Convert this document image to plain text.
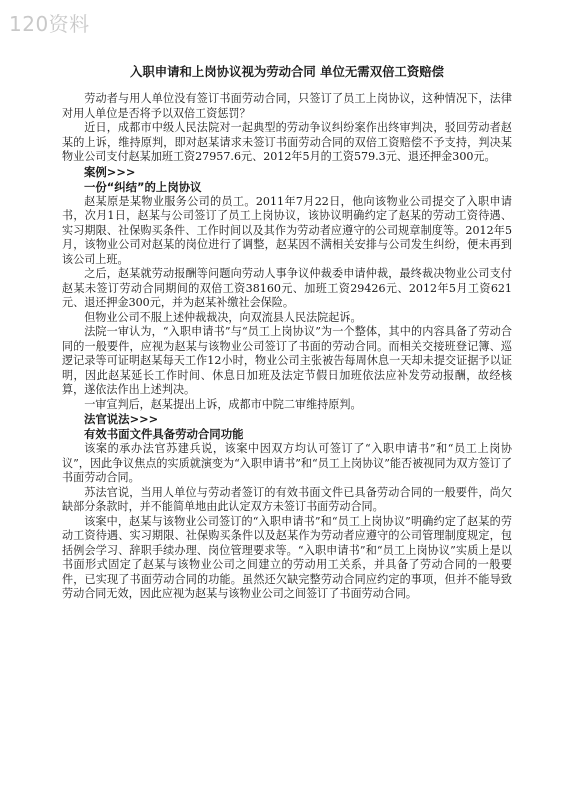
120资料
入职申请和上岗协议视为劳动合同 单位无需双倍工资赔偿

劳动者与用人单位没有签订书面劳动合同，只签订了员工上岗协议，这种情况下，法律对用人单位是否将予以双倍工资惩罚？

近日，成都市中级人民法院对一起典型的劳动争议纠纷案作出终审判决，驳回劳动者赵某的上诉，维持原判，即对赵某请求未签订书面劳动合同的双倍工资赔偿不予支持，判决某物业公司支付赵某加班工资27957.6元、2012年5月的工资579.3元、退还押金300元。

案例>>>
一份“纠结”的上岗协议

赵某原是某物业服务公司的员工。2011年7月22日，他向该物业公司提交了入职申请书，次月1日，赵某与公司签订了员工上岗协议，该协议明确约定了赵某的劳动工资待遇、实习期限、社保购买条件、工作时间以及其作为劳动者应遵守的公司规章制度等。2012年5月，该物业公司对赵某的岗位进行了调整，赵某因不满相关安排与公司发生纠纷，便未再到该公司上班。

之后，赵某就劳动报酬等问题向劳动人事争议仲裁委申请仲裁，最终裁决物业公司支付赵某未签订劳动合同期间的双倍工资38160元、加班工资29426元、2012年5月工资621元、退还押金300元，并为赵某补缴社会保险。

但物业公司不服上述仲裁裁决，向双流县人民法院起诉。

法院一审认为，“入职申请书”与“员工上岗协议”为一个整体，其中的内容具备了劳动合同的一般要件，应视为赵某与该物业公司签订了书面的劳动合同。而相关交接班登记簿、巡逻记录等可证明赵某每天工作12小时，物业公司主张被告每周休息一天却未提交证据予以证明，因此赵某延长工作时间、休息日加班及法定节假日加班依法应补发劳动报酬，故经核算，遂依法作出上述判决。

一审宣判后，赵某提出上诉，成都市中院二审维持原判。

法官说法>>>
有效书面文件具备劳动合同功能

该案的承办法官苏建兵说，该案中因双方均认可签订了“入职申请书”和“员工上岗协议”，因此争议焦点的实质就演变为“入职申请书”和“员工上岗协议”能否被视同为双方签订了书面劳动合同。

苏法官说，当用人单位与劳动者签订的有效书面文件已具备劳动合同的一般要件，尚欠缺部分条款时，并不能简单地由此认定双方未签订书面劳动合同。

该案中，赵某与该物业公司签订的“入职申请书”和“员工上岗协议”明确约定了赵某的劳动工资待遇、实习期限、社保购买条件以及赵某作为劳动者应遵守的公司管理制度规定，包括例会学习、辞职手续办理、岗位管理要求等。“入职申请书”和“员工上岗协议”实质上是以书面形式固定了赵某与该物业公司之间建立的劳动用工关系，并具备了劳动合同的一般要件，已实现了书面劳动合同的功能。虽然还欠缺完整劳动合同应约定的事项，但并不能导致劳动合同无效，因此应视为赵某与该物业公司之间签订了书面劳动合同。
